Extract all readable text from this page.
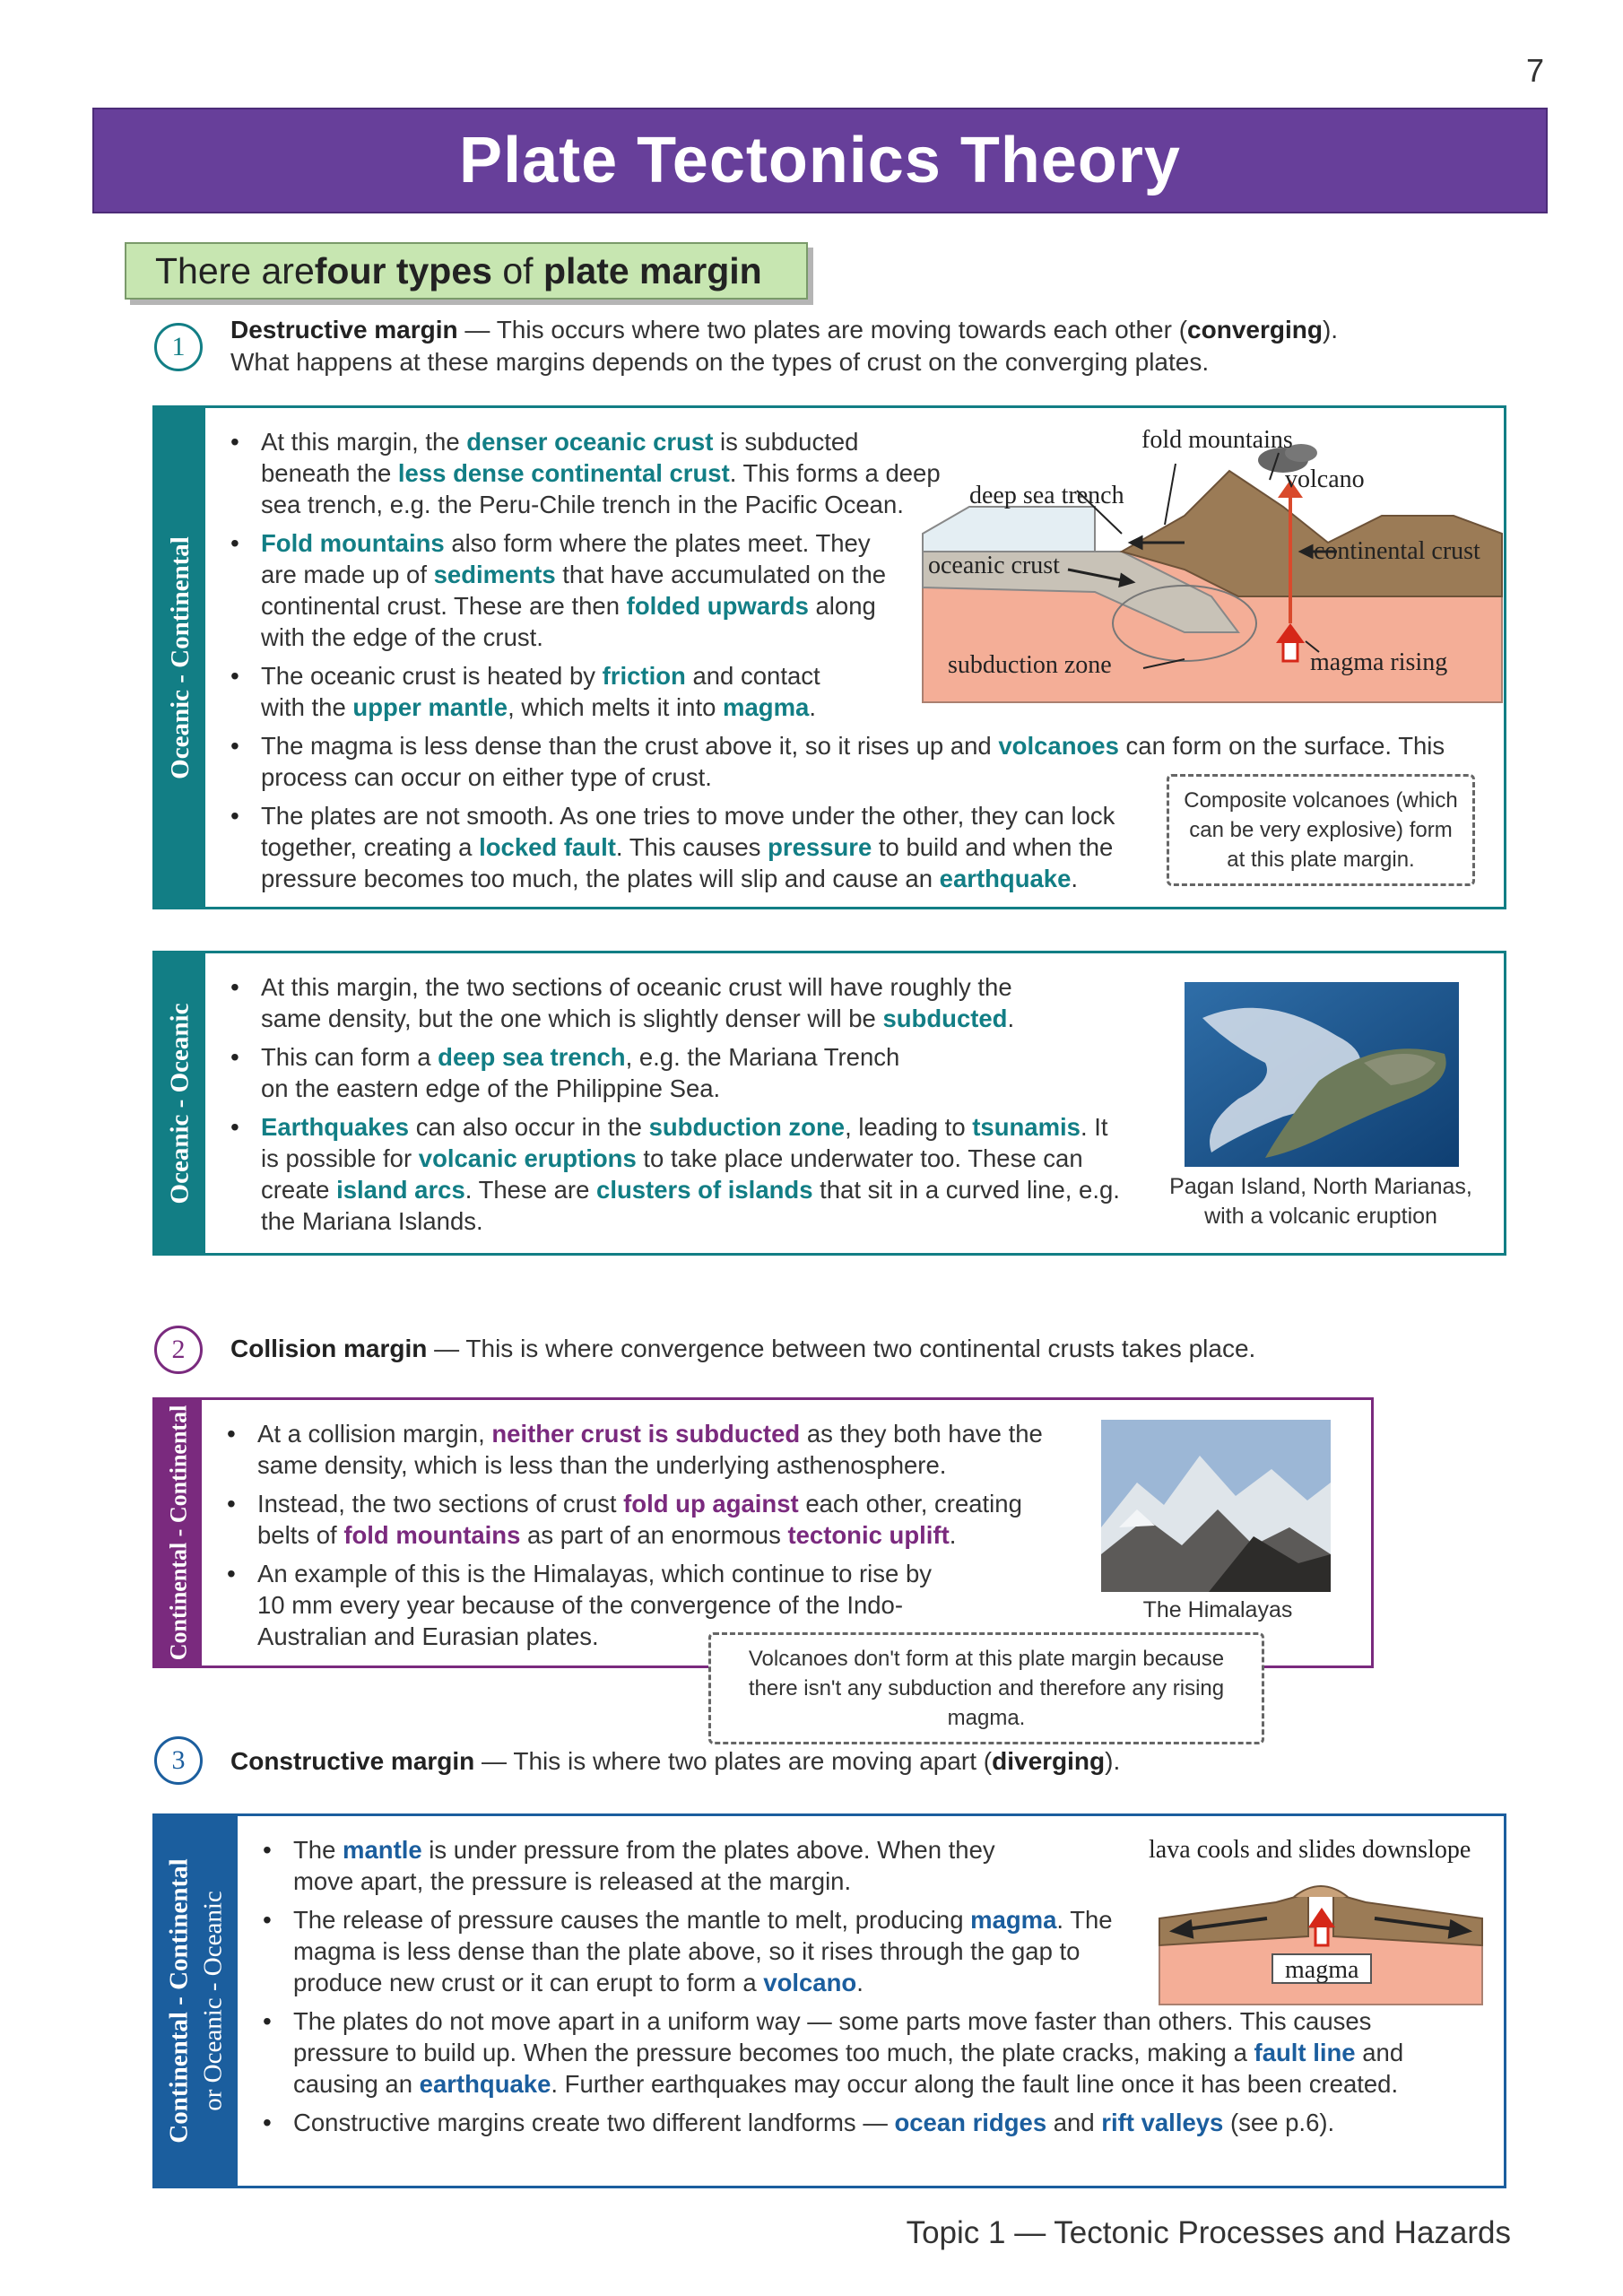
7
Plate Tectonics Theory
There are four types of plate margin
1
Destructive margin — This occurs where two plates are moving towards each other (converging).
What happens at these margins depends on the types of crust on the converging plates.
Oceanic - Continental
• At this margin, the denser oceanic crust is subducted beneath the less dense continental crust. This forms a deep sea trench, e.g. the Peru-Chile trench in the Pacific Ocean.
• Fold mountains also form where the plates meet. They are made up of sediments that have accumulated on the continental crust. These are then folded upwards along with the edge of the crust.
• The oceanic crust is heated by friction and contact with the upper mantle, which melts it into magma.
• The magma is less dense than the crust above it, so it rises up and volcanoes can form on the surface. This process can occur on either type of crust.
• The plates are not smooth. As one tries to move under the other, they can lock together, creating a locked fault. This causes pressure to build and when the pressure becomes too much, the plates will slip and cause an earthquake.
fold mountains
volcano
deep sea trench
oceanic crust
continental crust
subduction zone	magma rising
Composite volcanoes (which can be very explosive) form at this plate margin.
Oceanic - Oceanic
• At this margin, the two sections of oceanic crust will have roughly the same density, but the one which is slightly denser will be subducted.
• This can form a deep sea trench, e.g. the Mariana Trench on the eastern edge of the Philippine Sea.
• Earthquakes can also occur in the subduction zone, leading to tsunamis. It is possible for volcanic eruptions to take place underwater too. These can create island arcs. These are clusters of islands that sit in a curved line, e.g. the Mariana Islands.
Pagan Island, North Marianas,
with a volcanic eruption
2	Collision margin — This is where convergence between two continental crusts takes place.
Continental - Continental
•	At a collision margin, neither crust is subducted as they both have the same density, which is less than the underlying asthenosphere.
• Instead, the two sections of crust fold up against each other, creating belts of fold mountains as part of an enormous tectonic uplift.
• An example of this is the Himalayas, which continue to rise by 10 mm every year because of the convergence of the Indo-Australian and Eurasian plates.
The Himalayas
Volcanoes don't form at this plate margin because there isn't any subduction and therefore any rising magma.
3	Constructive margin — This is where two plates are moving apart (diverging).
Continental - Continental or Oceanic - Oceanic
• The mantle is under pressure from the plates above. When they move apart, the pressure is released at the margin.
• The release of pressure causes the mantle to melt, producing magma. The magma is less dense than the plate above, so it rises through the gap to produce new crust or it can erupt to form a volcano.
• The plates do not move apart in a uniform way — some parts move faster than others. This causes pressure to build up. When the pressure becomes too much, the plate cracks, making a fault line and causing an earthquake. Further earthquakes may occur along the fault line once it has been created.
• Constructive margins create two different landforms — ocean ridges and rift valleys (see p.6).
lava cools and slides downslope
magma
Topic 1 — Tectonic Processes and Hazards
